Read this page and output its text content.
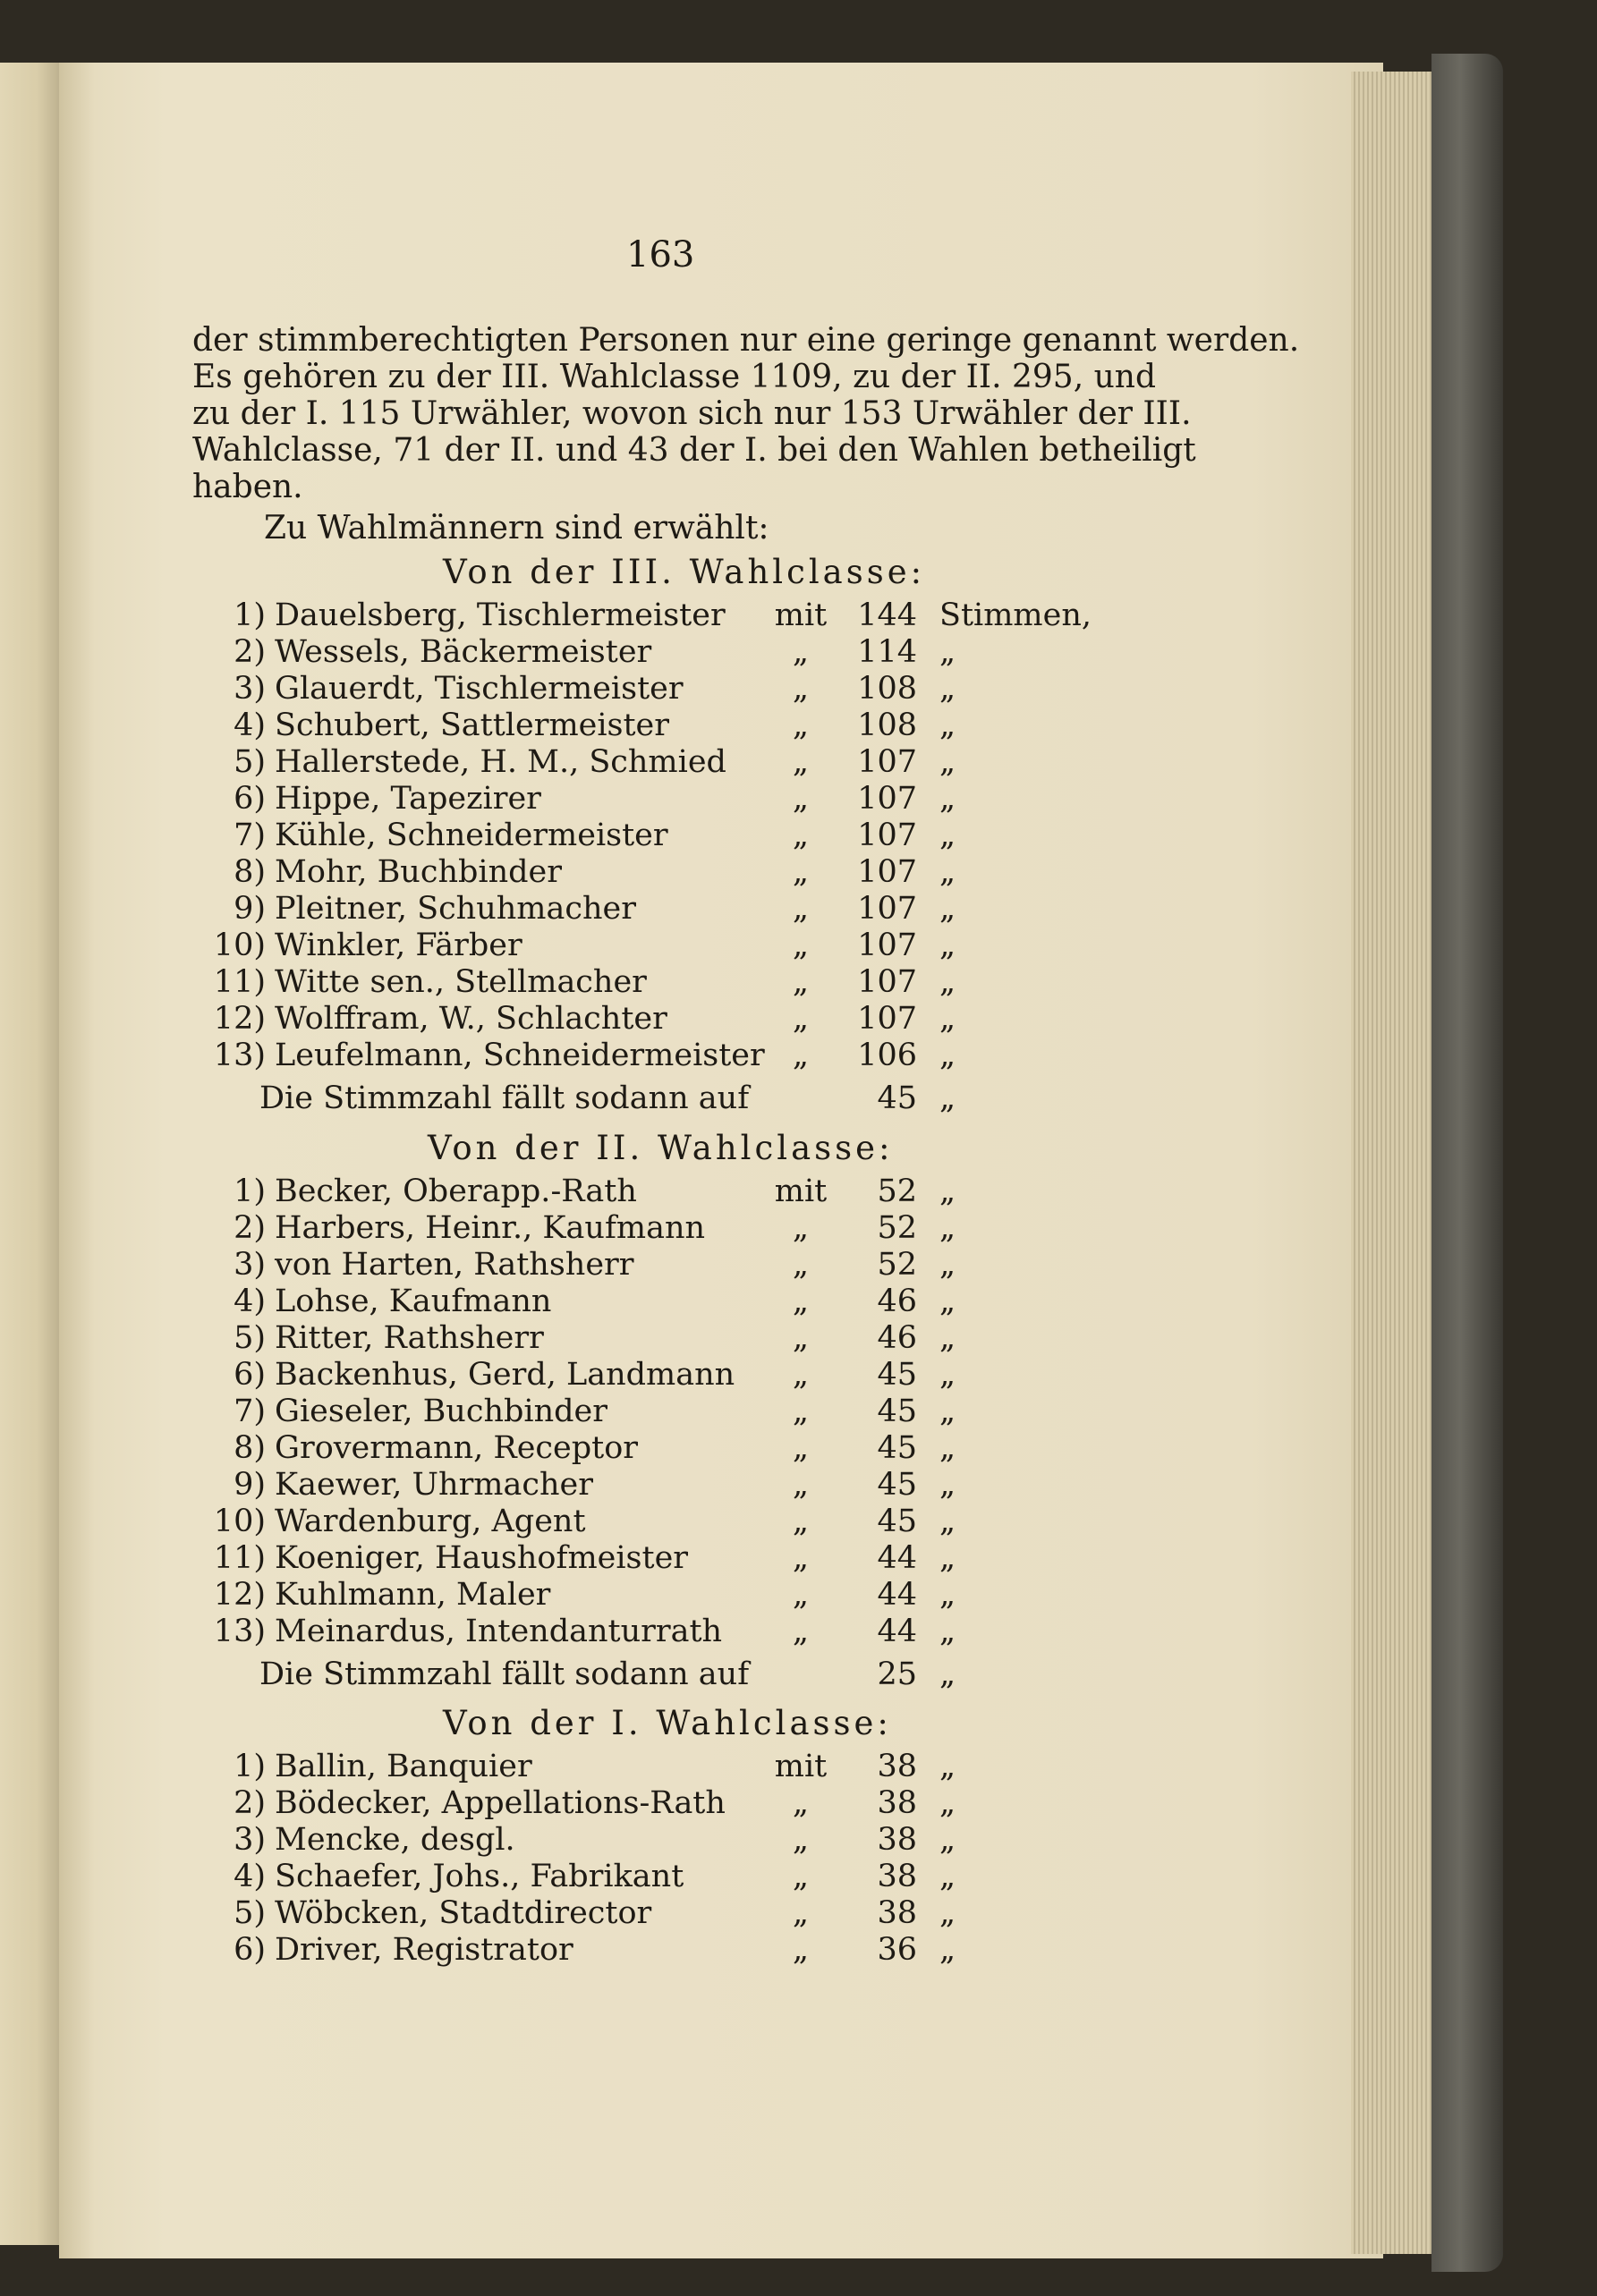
163
der stimmberechtigten Personen nur eine geringe genannt werden.
Es gehören zu der III. Wahlclasse 1109, zu der II. 295, und
zu der I. 115 Urwähler, wovon sich nur 153 Urwähler der III.
Wahlclasse, 71 der II. und 43 der I. bei den Wahlen betheiligt
haben.
Zu Wahlmännern sind erwählt:
Von der III. Wahlclasse:
1) Dauelsberg, Tischlermeister	mit 144 Stimmen,
2) Wessels, Bäckermeister	„	114 „
3) Glauerdt, Tischlermeister	„	108 „
4) Schubert, Sattlermeister	„	108 „
5) Hallerstede, H. M., Schmied	„	107 „
6) Hippe, Tapezirer	„	107 „
7) Kühle, Schneidermeister	„	107 „
8) Mohr, Buchbinder	„	107 „
9) Pleitner, Schuhmacher	„	107 „
10) Winkler, Färber	„	107 „
11) Witte sen., Stellmacher	„	107 „
12) Wolffram, W., Schlachter	„	107 „
13) Leufelmann, Schneidermeister „	106 „
Die Stimmzahl fällt sodann auf	45 „
Von der II. Wahlclasse:
1) Becker, Oberapp.-Rath	mit	52 „
2) Harbers, Heinr., Kaufmann	„	52 „
3) von Harten, Rathsherr	„	52 „
4) Lohse, Kaufmann	„	46 „
5) Ritter, Rathsherr	„	46 „
6) Backenhus, Gerd, Landmann	„	45 „
7) Gieseler, Buchbinder	„	45 „
8) Grovermann, Receptor	„	45 „
9) Kaewer, Uhrmacher	„	45 „
10) Wardenburg, Agent	„	45 „
11) Koeniger, Haushofmeister	„	44 „
12) Kuhlmann, Maler	„	44 „
13) Meinardus, Intendanturrath	„	44 „
Die Stimmzahl fällt sodann auf	25 „
Von der I. Wahlclasse:
1) Ballin, Banquier	mit	38 „
2) Bödecker, Appellations-Rath	„	38 „
3) Mencke, desgl.	„	38 „
4) Schaefer, Johs., Fabrikant	„	38 „
5) Wöbcken, Stadtdirector	„	38 „
6) Driver, Registrator	„	36 „
